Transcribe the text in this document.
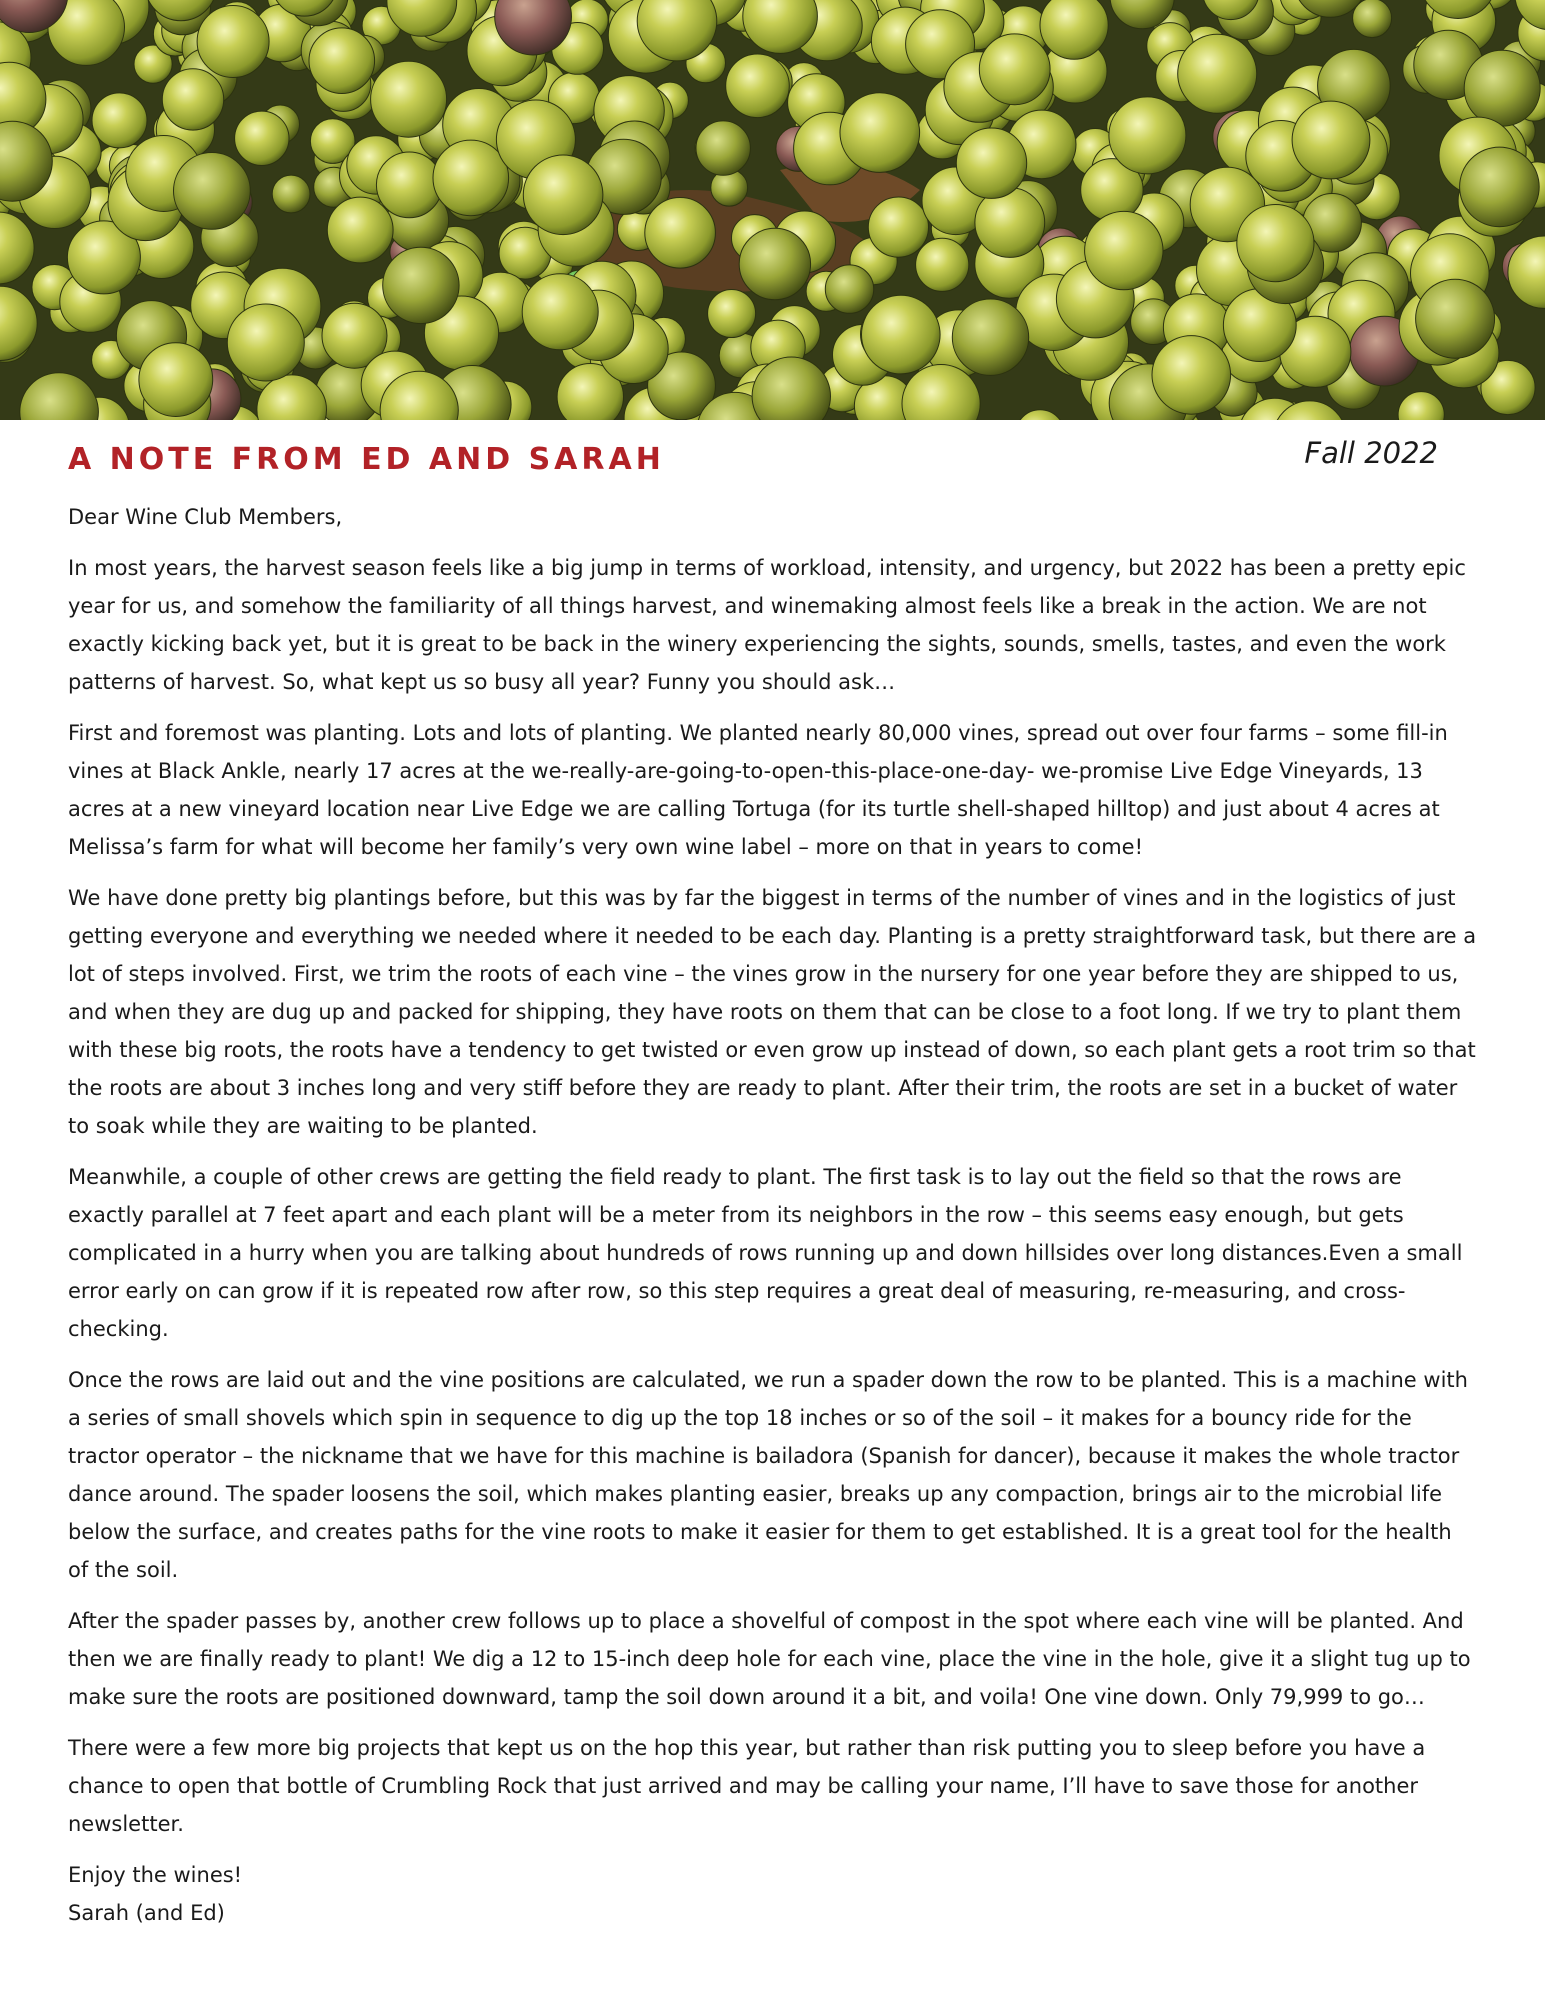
A NOTE FROM ED AND SARAH	Fall 2022

Dear Wine Club Members,

In most years, the harvest season feels like a big jump in terms of workload, intensity, and urgency, but 2022 has been a pretty epic year for us, and somehow the familiarity of all things harvest, and winemaking almost feels like a break in the action. We are not exactly kicking back yet, but it is great to be back in the winery experiencing the sights, sounds, smells, tastes, and even the work patterns of harvest. So, what kept us so busy all year? Funny you should ask…

First and foremost was planting. Lots and lots of planting. We planted nearly 80,000 vines, spread out over four farms – some fill-in vines at Black Ankle, nearly 17 acres at the we-really-are-going-to-open-this-place-one-day- we-promise Live Edge Vineyards, 13 acres at a new vineyard location near Live Edge we are calling Tortuga (for its turtle shell-shaped hilltop) and just about 4 acres at Melissa’s farm for what will become her family’s very own wine label – more on that in years to come!

We have done pretty big plantings before, but this was by far the biggest in terms of the number of vines and in the logistics of just getting everyone and everything we needed where it needed to be each day. Planting is a pretty straightforward task, but there are a lot of steps involved. First, we trim the roots of each vine – the vines grow in the nursery for one year before they are shipped to us, and when they are dug up and packed for shipping, they have roots on them that can be close to a foot long. If we try to plant them with these big roots, the roots have a tendency to get twisted or even grow up instead of down, so each plant gets a root trim so that the roots are about 3 inches long and very stiff before they are ready to plant. After their trim, the roots are set in a bucket of water to soak while they are waiting to be planted.

Meanwhile, a couple of other crews are getting the field ready to plant. The first task is to lay out the field so that the rows are exactly parallel at 7 feet apart and each plant will be a meter from its neighbors in the row – this seems easy enough, but gets complicated in a hurry when you are talking about hundreds of rows running up and down hillsides over long distances.Even a small error early on can grow if it is repeated row after row, so this step requires a great deal of measuring, re-measuring, and cross-checking.

Once the rows are laid out and the vine positions are calculated, we run a spader down the row to be planted. This is a machine with a series of small shovels which spin in sequence to dig up the top 18 inches or so of the soil – it makes for a bouncy ride for the tractor operator – the nickname that we have for this machine is bailadora (Spanish for dancer), because it makes the whole tractor dance around. The spader loosens the soil, which makes planting easier, breaks up any compaction, brings air to the microbial life below the surface, and creates paths for the vine roots to make it easier for them to get established. It is a great tool for the health of the soil.

After the spader passes by, another crew follows up to place a shovelful of compost in the spot where each vine will be planted. And then we are finally ready to plant! We dig a 12 to 15-inch deep hole for each vine, place the vine in the hole, give it a slight tug up to make sure the roots are positioned downward, tamp the soil down around it a bit, and voila! One vine down. Only 79,999 to go…

There were a few more big projects that kept us on the hop this year, but rather than risk putting you to sleep before you have a chance to open that bottle of Crumbling Rock that just arrived and may be calling your name, I’ll have to save those for another newsletter.

Enjoy the wines!

Sarah (and Ed)
